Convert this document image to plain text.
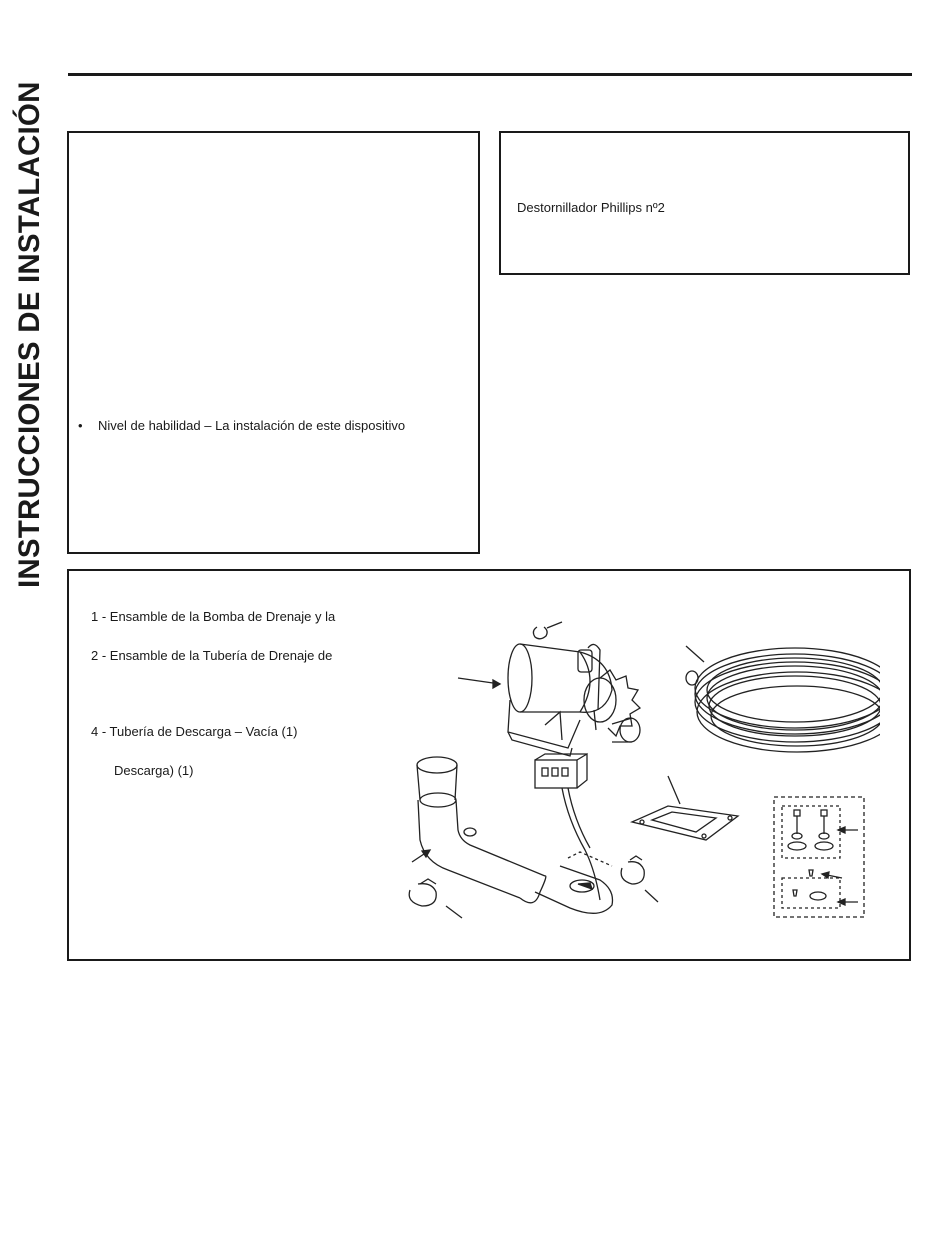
INSTRUCCIONES DE INSTALACIÓN • Nivel de habilidad – La instalación de este dispositivo
Destornillador Phillips nº2
1 - Ensamble de la Bomba de Drenaje y la
2 - Ensamble de la Tubería de Drenaje de
4 - Tubería de Descarga – Vacía (1)
Descarga) (1)
